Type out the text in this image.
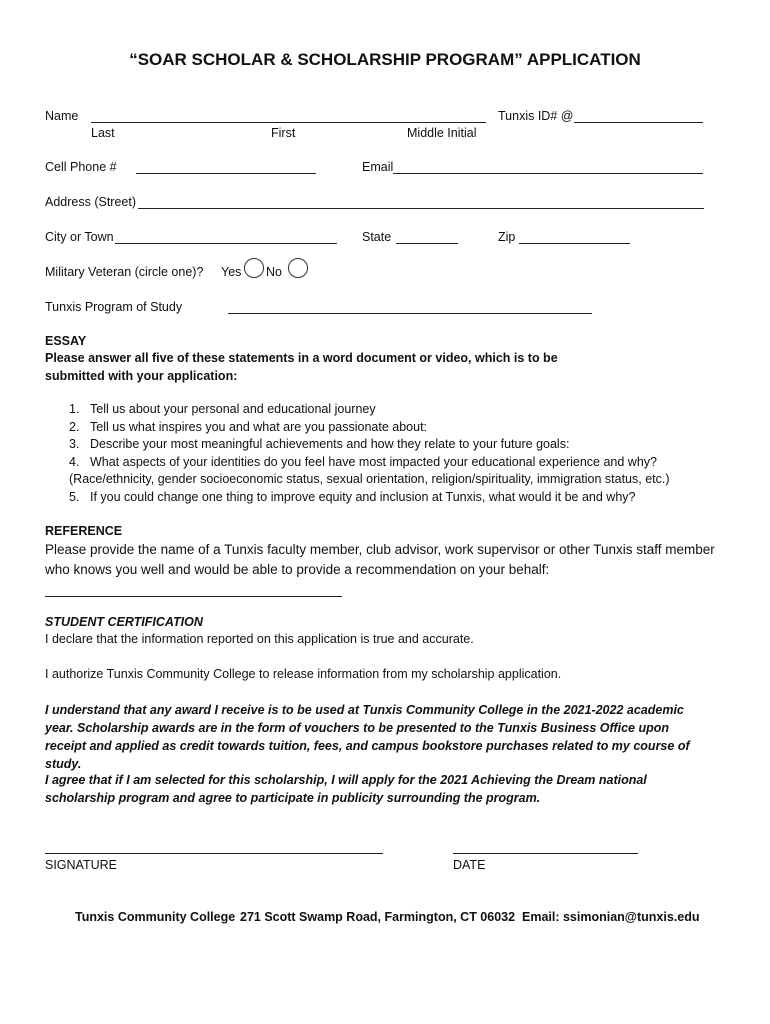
“SOAR SCHOLAR & SCHOLARSHIP PROGRAM” APPLICATION
Name	Tunxis ID# @
Last	First	Middle Initial
Cell Phone #	Email
Address (Street)
City or Town	State	Zip
Military Veteran (circle one)? Yes No
Tunxis Program of Study
ESSAY
Please answer all five of these statements in a word document or video, which is to be
submitted with your application:
1. Tell us about your personal and educational journey
2. Tell us what inspires you and what are you passionate about:
3. Describe your most meaningful achievements and how they relate to your future goals:
4. What aspects of your identities do you feel have most impacted your educational experience and why?
(Race/ethnicity, gender socioeconomic status, sexual orientation, religion/spirituality, immigration status, etc.)
5. If you could change one thing to improve equity and inclusion at Tunxis, what would it be and why?
REFERENCE
Please provide the name of a Tunxis faculty member, club advisor, work supervisor or other Tunxis staff member
who knows you well and would be able to provide a recommendation on your behalf:
STUDENT CERTIFICATION
I declare that the information reported on this application is true and accurate.
I authorize Tunxis Community College to release information from my scholarship application.
I understand that any award I receive is to be used at Tunxis Community College in the 2021-2022 academic year. Scholarship awards are in the form of vouchers to be presented to the Tunxis Business Office upon receipt and applied as credit towards tuition, fees, and campus bookstore purchases related to my course of study.
I agree that if I am selected for this scholarship, I will apply for the 2021 Achieving the Dream national scholarship program and agree to participate in publicity surrounding the program.
SIGNATURE	DATE
Tunxis Community College 271 Scott Swamp Road, Farmington, CT 06032 Email: ssimonian@tunxis.edu
